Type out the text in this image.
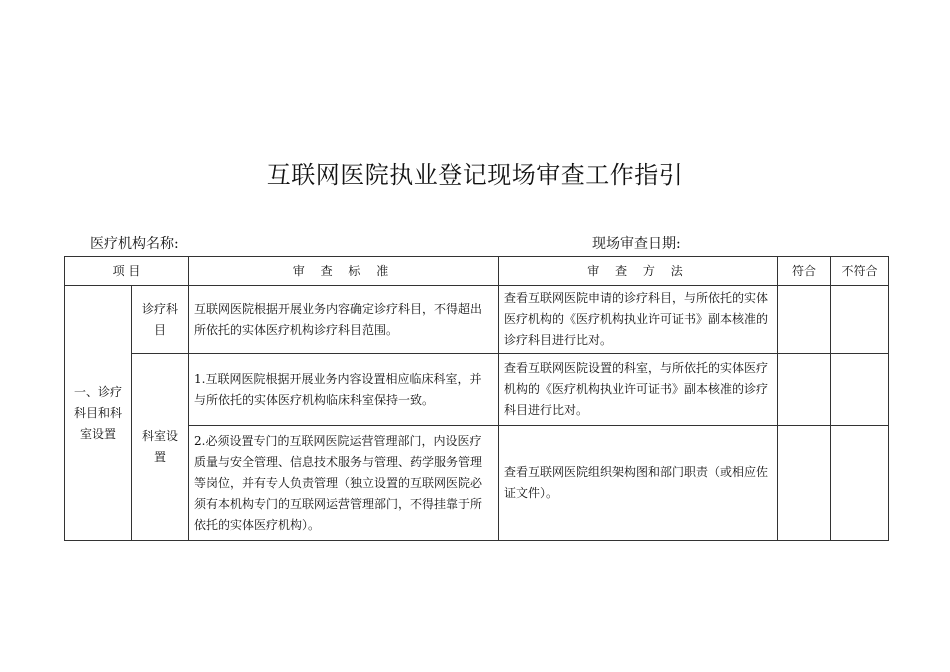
互联网医院执业登记现场审查工作指引
医疗机构名称:	现场审查日期:
项 目		审 查 标 准	审 查 方 法	符合	不符合
一、诊疗科目和科室设置	诊疗科目	互联网医院根据开展业务内容确定诊疗科目，不得超出所依托的实体医疗机构诊疗科目范围。	查看互联网医院申请的诊疗科目，与所依托的实体医疗机构的《医疗机构执业许可证书》副本核准的诊疗科目进行比对。		
	科室设置	1.互联网医院根据开展业务内容设置相应临床科室，并与所依托的实体医疗机构临床科室保持一致。	查看互联网医院设置的科室，与所依托的实体医疗机构的《医疗机构执业许可证书》副本核准的诊疗科目进行比对。		
		2.必须设置专门的互联网医院运营管理部门，内设医疗质量与安全管理、信息技术服务与管理、药学服务管理等岗位，并有专人负责管理（独立设置的互联网医院必须有本机构专门的互联网运营管理部门，不得挂靠于所依托的实体医疗机构）。	查看互联网医院组织架构图和部门职责（或相应佐证文件）。		
